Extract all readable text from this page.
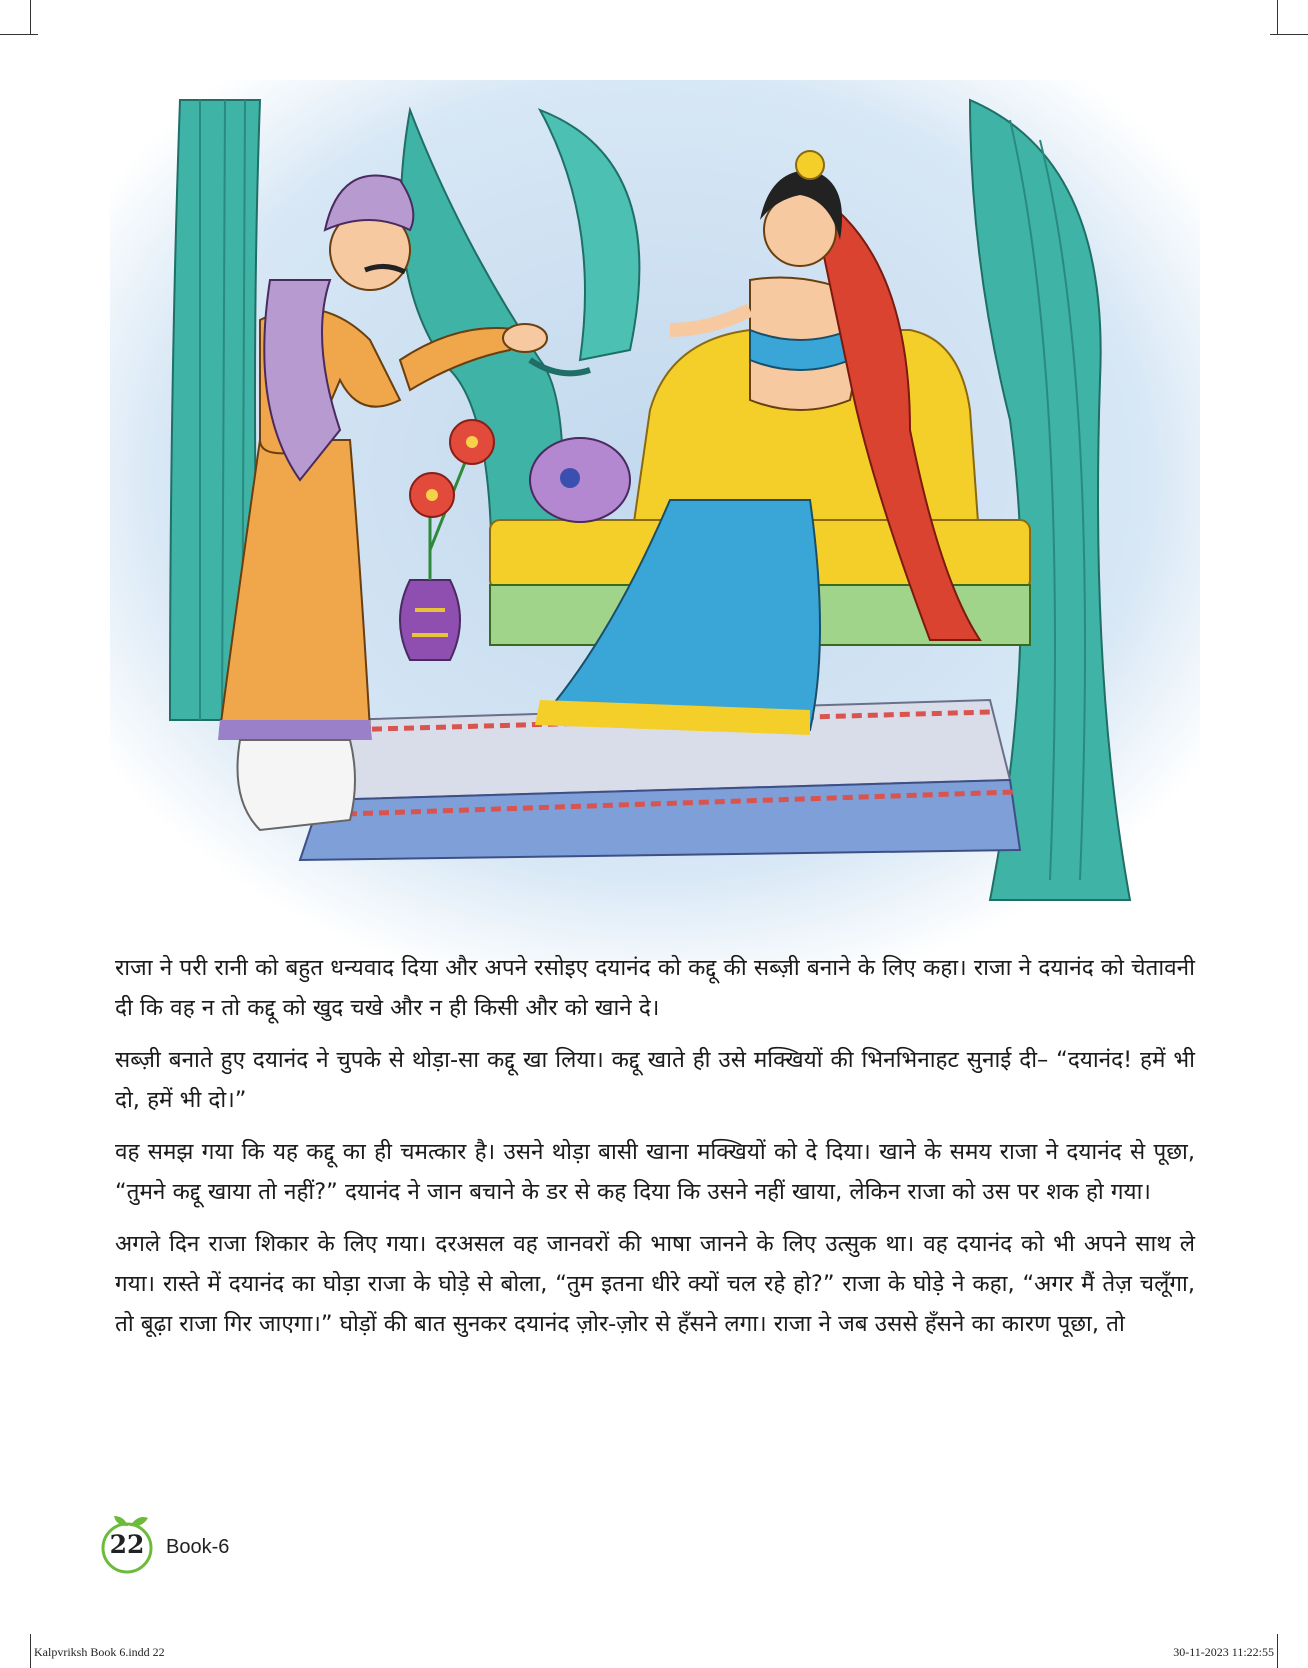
राजा ने परी रानी को बहुत धन्यवाद दिया और अपने रसोइए दयानंद को कद्दू की सब्ज़ी बनाने के लिए कहा। राजा ने दयानंद को चेतावनी दी कि वह न तो कद्दू को खुद चखे और न ही किसी और को खाने दे।

सब्ज़ी बनाते हुए दयानंद ने चुपके से थोड़ा-सा कद्दू खा लिया। कद्दू खाते ही उसे मक्खियों की भिनभिनाहट सुनाई दी– “दयानंद! हमें भी दो, हमें भी दो।”

वह समझ गया कि यह कद्दू का ही चमत्कार है। उसने थोड़ा बासी खाना मक्खियों को दे दिया। खाने के समय राजा ने दयानंद से पूछा, “तुमने कद्दू खाया तो नहीं?” दयानंद ने जान बचाने के डर से कह दिया कि उसने नहीं खाया, लेकिन राजा को उस पर शक हो गया।

अगले दिन राजा शिकार के लिए गया। दरअसल वह जानवरों की भाषा जानने के लिए उत्सुक था। वह दयानंद को भी अपने साथ ले गया। रास्ते में दयानंद का घोड़ा राजा के घोड़े से बोला, “तुम इतना धीरे क्यों चल रहे हो?” राजा के घोड़े ने कहा, “अगर मैं तेज़ चलूँगा, तो बूढ़ा राजा गिर जाएगा।” घोड़ों की बात सुनकर दयानंद ज़ोर-ज़ोर से हँसने लगा। राजा ने जब उससे हँसने का कारण पूछा, तो

22	Book-6
Kalpvriksh Book 6.indd 22	30-11-2023 11:22:55
